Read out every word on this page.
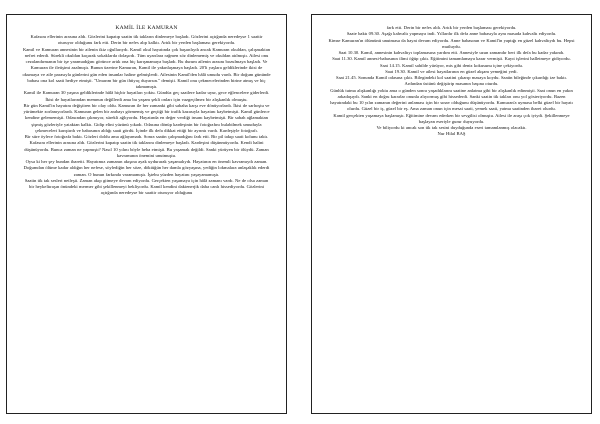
KAMİL İLE KAMURAN

Kafasını ellerinin arasına aldı. Gözlerini kapatıp saatin tik takların dinlemeye başladı. Gözlerini açtığında neredeyse 1 saattir oturuyor olduğunu fark etti. Derin bir nefes alıp kalktı. Artık bir yerden başlaması gerekiyordu.

Kamil ve Kamuran annesinin bir ailenin ikiz oğullarıydı. Kamil okul hayatında çok başarılıydı ancak Kamuran okuldan, çalışmaktan nefret ederdi. Sürekli okuldan kaçarak sokaklarda dolaşırdı. Tüm uyarılara rağmen söz dinlememiş ve okuldan atılmıştı. Ailesi onu cezalandırmanın bir işe yaramadığını görünce artık ona hiç karışmamaya başladı. Bu durum ailenin arasını bozulmaya başladı. Ve Kamuran ile iletişimi azalmıştı. Bunun üzerine Kamuran, Kamil ile yakınlaşmaya başladı. 20'li yaşlara geldiklerinde ikisi de okumaya ve aile parasıyla günlerini gün eden insanlar haline gelmişlerdi. Ailesinin Kamil'den hâlâ umudu vardı. Bir doğum gününde babası ona kol saati hediye etmişti. "Umarım bir gün ihtiyaç duyarsın." demişti. Kamil onu çekmecelerinden birine atmış ve hiç takmamıştı.

Kamil ile Kamuran 30 yaşına geldiklerinde hâlâ hiçbir hayatları yoktu. Gündüz geç saatlere kadar uyur, gece eğlencelere giderlerdi. İkisi de hayatlarından memnun değillerdi ama bu yaşam şekli onları için vazgeçilmez bir alışkanlık olmuştu.

Bir gün Kamil'in hayatını değiştiren bir olay oldu. Kamuran ile her zamanki gibi sabaha karşı eve dönüyorlardı. İkisi de sarhoştu ve yürümekte zorlanıyorlardı. Kamuran gelen bir arabayı görmemiş ve geçtiği bir trafik kazasıyla hayatını kaybetmişti. Kamil günlerce kendine gelememişti. Odasından çıkmıyor, sürekli ağlıyordu. Hayatında en değer verdiği insanı kaybetmişti. Bir sabah ağlamaktan şişmiş gözleriyle yataktan kalktı. Gidip elini yüzünü yıkadı. Odasına dönüp kardeşinin bir fotoğrafını bulabilmek umuduyla çekmeceleri karıştırdı ve babasının aldığı saati gördü. İçinde ilk defa dikkat ettiği bir ayrıntı vardı. Kardeşiyle fotoğrafı.

Bir süre öylece fotoğrafa baktı. Gözleri doldu ama ağlayamadı. Sonra saatin çalışmadığını fark etti. Bir pil takıp saati kolunu taktı. Kafasını ellerinin arasına aldı. Gözlerini kapatıp saatin tik taklarını dinlemeye başladı. Kardeşini düşünmüyordu. Kendi halini düşünüyordu. Bunca zaman ne yapmıştı? Nasıl 10 yılını böyle heba etmişti. Bu yaşamak değildi. Sanki yürüyen bir ölüydü. Zaman kavramının önemini unutmuştu.

Oysa ki her şey bundan ibaretti. Hayatımız zamanın akışına ayak uydurarak yaşamalıydı. Hayatının en önemli kavramıydı zaman. Doğumdan ölüme kadar aldığın her nefese, söylediğin her söze, döktüğün her damla gözyaşına, yediğin lokmalara anlaşaklık ederdi zaman. O bunun farkında varamamıştı. İştebu yüzden hayatını yaşayamamıştı.

Saatin tik tak sesleri netleşti. Zaman akıp gitmeye devam ediyordu. Gerçekten yaşamaya için hâlâ zamanı vardı. Ne de olsa zaman bir heykeltıraşın önündeki mermer gibi şekillenmeyi bekliyordu. Kamil kendini dakienerjik daha canlı hissediyordu. Gözlerini açtığında neredeyse bir saattir oturuyor olduğunu

fark etti. Derin bir nefes aldı. Artık bir yerden başlaması gerekiyordu.

Saate baktı 09.30. Aşağı kahvaltı yapmaya indi. Yıllardır ilk defa anne babasıyla aynı masada kahvaltı ediyordu.

Kimse Kamuran'ın ölümünü unutmasa da hayat devam ediyordu. Anne babasının ve Kamil'in yaptığı en güzel kahvaltıydı bu. Hepsi mutluydu.

Saat 10.30. Kamil, annesinin kahvaltıyı toplamasına yardım etti. Annesiyle uzun zamandır beri ilk defa bu kadar yakındı.

Saat 11.30. Kamil annesi-babasının ilimi öğüp çıktı. Eğitimini tamamlamaya karar vermişti. Kayıt işlerini halletmeye gidiyordu.

Saat 14.15. Kamil sahilde yürüyor, mis gibi deniz kokusunu içine çekiyordu.

Saat 19.30. Kamil ve ailesi hayatlarının en güzel akşam yemeğini yedi.

Saat 21.45. Sonunda Kamil odasına çıktı. Bilegindeki kol saatini çıkarıp masaya koydu. Saatin bileğinde çıkardığı ize baktı. Ardından üstünü değiştirip masanın başına oturdu.

Günlük tutma alışkanlığı yoktu ama o günden sonra yaşadıklarını saatine anlatma gibi bir alışkanlık edinmişti. Saat onun en yakın arkadaşıydı. Sanki en doğru kararlar onunla alıyormuş gibi hissederdi. Sanki saatin tik takları onu yol gösteriyordu. Bazen hayatındaki bu 10 yılın zamanın değerini anlaması için bir sınav olduğunu düşünüyordu. Kamuran'a uymasa belki güzel bir hayatı olurdu. Güzel bir iş, güzel bir eş. Ama zaman onun için mesai saati, yemek saati, yatma saatinden ibaret olurdu.

Kamil gerçekten yaşamaya başlamıştı. Eğitimine devam ederken bir sevgilisi olmuştu. Ailesi ile araşı çok iyiydi. Şekillenmeye başlayan eseriyle gurur duyuyordu.

Ve biliyordu ki ancak son tik tak sesini duyduğunda eseri tamamlanmış olacaktı.

Nur Hilal BAŞ
